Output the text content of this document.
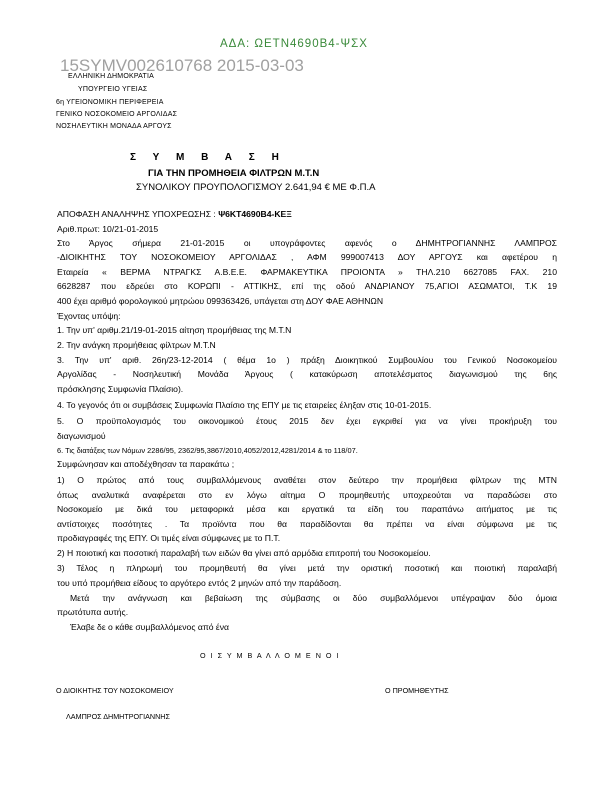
ΑΔΑ: ΩΕΤΝ4690Β4-ΨΣΧ
15SYMV002610768 2015-03-03
ΕΛΛΗΝΙΚΗ ΔΗΜΟΚΡΑΤΙΑ
ΥΠΟΥΡΓΕΙΟ ΥΓΕΙΑΣ
6η ΥΓΕΙΟΝΟΜΙΚΗ ΠΕΡΙΦΕΡΕΙΑ
ΓΕΝΙΚΟ ΝΟΣΟΚΟΜΕΙΟ ΑΡΓΟΛΙΔΑΣ
ΝΟΣΗΛΕΥΤΙΚΗ ΜΟΝΑΔΑ ΑΡΓΟΥΣ
Σ Υ Μ Β Α Σ Η
ΓΙΑ ΤΗΝ ΠΡΟΜΗΘΕΙΑ ΦΙΛΤΡΩΝ Μ.Τ.Ν
ΣΥΝΟΛΙΚΟΥ ΠΡΟΥΠΟΛΟΓΙΣΜΟΥ 2.641,94 € ΜΕ Φ.Π.Α
ΑΠΟΦΑΣΗ ΑΝΑΛΗΨΗΣ ΥΠΟΧΡΕΩΣΗΣ : Ψ6ΚΤ4690Β4-ΚΕΞ
Αριθ.πρωτ: 10/21-01-2015
Στο Άργος σήμερα 21-01-2015 οι υπογράφοντες αφενός ο ΔΗΜΗΤΡΟΓΙΑΝΝΗΣ ΛΑΜΠΡΟΣ
-ΔΙΟΙΚΗΤΗΣ ΤΟΥ ΝΟΣΟΚΟΜΕΙΟΥ ΑΡΓΟΛΙΔΑΣ , ΑΦΜ 999007413 ΔΟΥ ΑΡΓΟΥΣ και αφετέρου η
Εταιρεία « ΒΕΡΜΑ ΝΤΡΑΓΚΣ Α.Β.Ε.Ε. ΦΑΡΜΑΚΕΥΤΙΚΑ ΠΡΟΙΟΝΤΑ » ΤΗΛ.210 6627085 FAX. 210
6628287 που εδρεύει στο ΚΟΡΩΠΙ - ΑΤΤΙΚΗΣ, επί της οδού ΑΝΔΡΙΑΝΟΥ 75,ΑΓΙΟΙ ΑΣΩΜΑΤΟΙ, Τ.Κ 19
400 έχει αριθμό φορολογικού μητρώου 099363426, υπάγεται στη ΔΟΥ ΦΑΕ ΑΘΗΝΩΝ
Έχοντας υπόψη:
1. Την υπ' αριθμ.21/19-01-2015 αίτηση προμήθειας της Μ.Τ.Ν
2. Την ανάγκη προμήθειας φίλτρων Μ.Τ.Ν
3. Την υπ' αριθ. 26η/23-12-2014 ( θέμα 1ο ) πράξη Διοικητικού Συμβουλίου του Γενικού Νοσοκομείου
Αργολίδας - Νοσηλευτική Μονάδα Άργους ( κατακύρωση αποτελέσματος διαγωνισμού της 6ης
πρόσκλησης Συμφωνία Πλαίσιο).
4. Το γεγονός ότι οι συμβάσεις Συμφωνία Πλαίσιο της ΕΠΥ με τις εταιρείες έληξαν στις 10-01-2015.
5. Ο προϋπολογισμός του οικονομικού έτους 2015 δεν έχει εγκριθεί για να γίνει προκήρυξη του
διαγωνισμού
6. Τις διατάξεις των Νόμων 2286/95, 2362/95,3867/2010,4052/2012,4281/2014 & το 118/07.
Συμφώνησαν και αποδέχθησαν τα παρακάτω ;
1) Ο πρώτος από τους συμβαλλόμενους αναθέτει στον δεύτερο την προμήθεια φίλτρων της ΜΤΝ
όπως αναλυτικά αναφέρεται στο εν λόγω αίτημα Ο προμηθευτής υποχρεούται να παραδώσει στο
Νοσοκομείο με δικά του μεταφορικά μέσα και εργατικά τα είδη του παραπάνω αιτήματος με τις
αντίστοιχες ποσότητες . Τα προϊόντα που θα παραδίδονται θα πρέπει να είναι σύμφωνα με τις
προδιαγραφές της ΕΠΥ. Οι τιμές είναι σύμφωνες με το Π.Τ.
2) Η ποιοτική και ποσοτική παραλαβή των ειδών θα γίνει από αρμόδια επιτροπή του Νοσοκομείου.
3) Τέλος η πληρωμή του προμηθευτή θα γίνει μετά την οριστική ποσοτική και ποιοτική παραλαβή
του υπό προμήθεια είδους το αργότερο εντός 2 μηνών από την παράδοση.
Μετά την ανάγνωση και βεβαίωση της σύμβασης οι δύο συμβαλλόμενοι υπέγραψαν δύο όμοια
πρωτότυπα αυτής.
Έλαβε δε ο κάθε συμβαλλόμενος από ένα
Ο Ι Σ Υ Μ Β Α Λ Λ Ο Μ Ε Ν Ο Ι
Ο ΔΙΟΙΚΗΤΗΣ ΤΟΥ ΝΟΣΟΚΟΜΕΙΟΥ	Ο ΠΡΟΜΗΘΕΥΤΗΣ
ΛΑΜΠΡΟΣ ΔΗΜΗΤΡΟΓΙΑΝΝΗΣ
